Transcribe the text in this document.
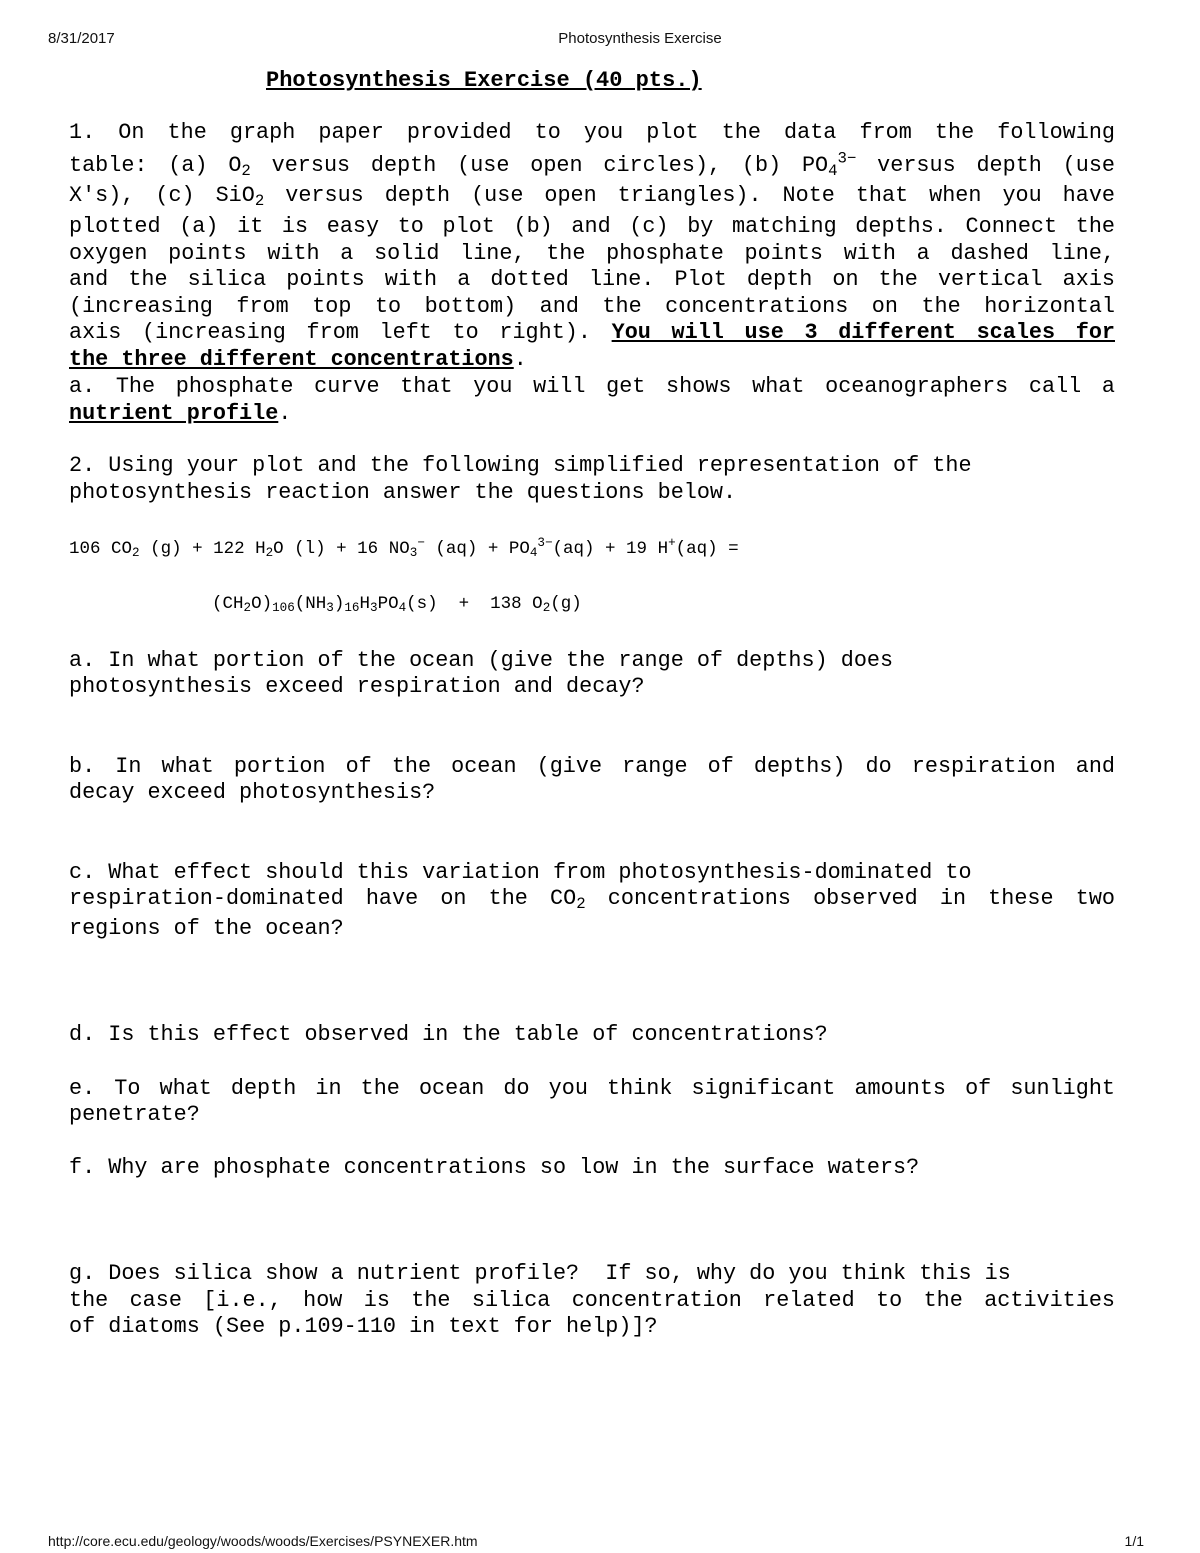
8/31/2017	Photosynthesis Exercise
Photosynthesis Exercise (40 pts.)
1. On the graph paper provided to you plot the data from the following
table: (a) $O_2$ versus depth (use open circles), (b) $PO_4^{3-}$ versus depth (use
X's), (c) SiO$_2$ versus depth (use open triangles). Note that when you have
plotted (a) it is easy to plot (b) and (c) by matching depths. Connect the
oxygen points with a solid line, the phosphate points with a dashed line,
and the silica points with a dotted line. Plot depth on the vertical axis
(increasing from top to bottom) and the concentrations on the horizontal
axis (increasing from left to right). You will use 3 different scales for
the three different concentrations.
a. The phosphate curve that you will get shows what oceanographers call a
nutrient profile.
2. Using your plot and the following simplified representation of the
photosynthesis reaction answer the questions below.
106 $CO_2$ (g) + 122 $H_2O$ (l) + 16 $NO_3^-$ $(aq) + PO_4^{3-}(aq) + 19$ H+(aq) =
$(CH_2O)_{106}(NH_3)_{16}H_3PO_4(s) + 138$ $O_2(g)$
a. In what portion of the ocean (give the range of depths) does
photosynthesis exceed respiration and decay?
b. In what portion of the ocean (give range of depths) do respiration and
decay exceed photosynthesis?
c. What effect should this variation from photosynthesis-dominated to
respiration-dominated have on the $CO_2$ concentrations observed in these two
regions of the ocean?
d. Is this effect observed in the table of concentrations?
e. To what depth in the ocean do you think significant amounts of sunlight
penetrate?
f. Why are phosphate concentrations so low in the surface waters?
g. Does silica show a nutrient profile?  If so, why do you think this is
the case [i.e., how is the silica concentration related to the activities
of diatoms (See p.109-110 in text for help)]?
http://core.ecu.edu/geology/woods/woods/Exercises/PSYNEXER.htm	1/1
